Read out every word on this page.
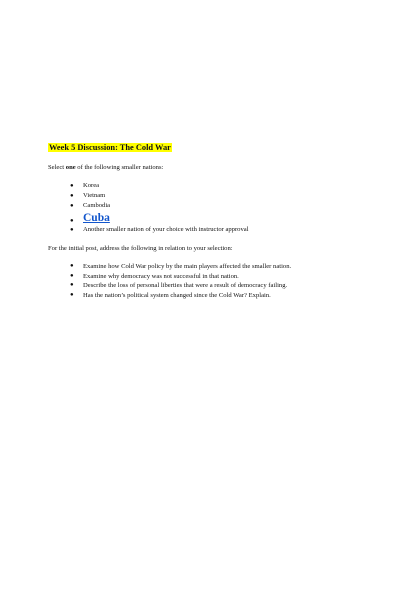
Week 5 Discussion: The Cold War

Select one of the following smaller nations:

● Korea
● Vietnam
● Cambodia
● Cuba
● Another smaller nation of your choice with instructor approval

For the initial post, address the following in relation to your selection:

● Examine how Cold War policy by the main players affected the smaller nation.
● Examine why democracy was not successful in that nation.
● Describe the loss of personal liberties that were a result of democracy failing.
● Has the nation’s political system changed since the Cold War? Explain.
